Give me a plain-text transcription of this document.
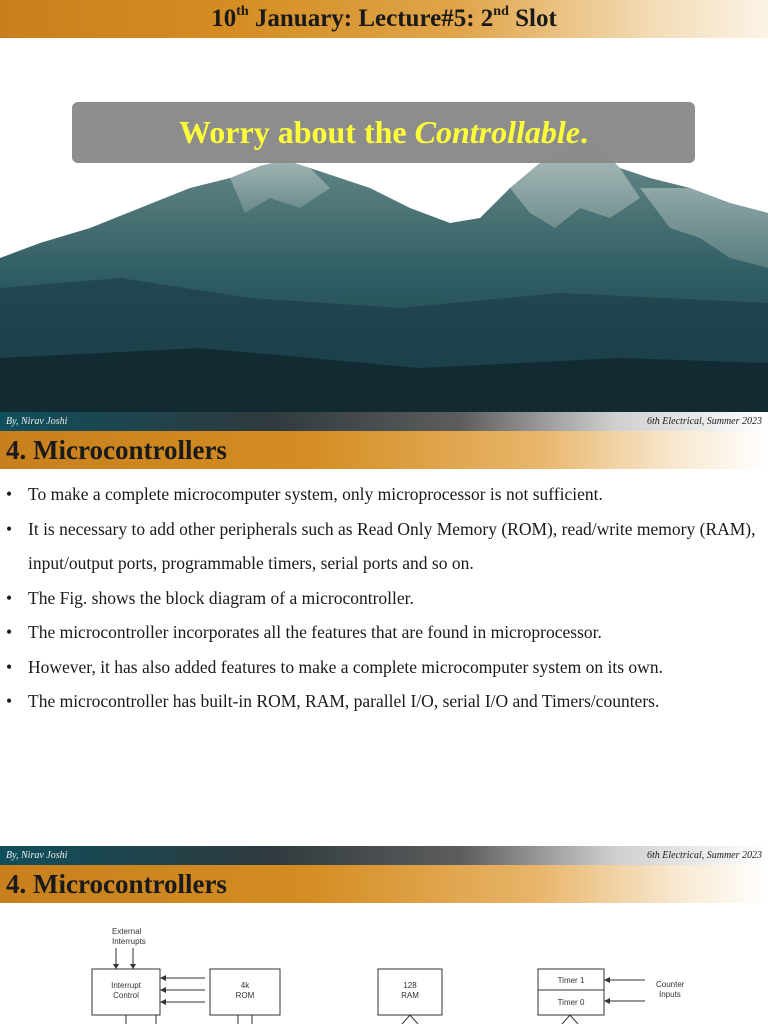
10th January: Lecture#5: 2nd Slot
Worry about the Controllable.
By, Nirav Joshi	6th Electrical, Summer 2023
4. Microcontrollers
• To make a complete microcomputer system, only microprocessor is not sufficient.
• It is necessary to add other peripherals such as Read Only Memory (ROM), read/write memory (RAM), input/output ports, programmable timers, serial ports and so on.
• The Fig. shows the block diagram of a microcontroller.
• The microcontroller incorporates all the features that are found in microprocessor.
• However, it has also added features to make a complete microcomputer system on its own.
• The microcontroller has built-in ROM, RAM, parallel I/O, serial I/O and Timers/counters.
By, Nirav Joshi	6th Electrical, Summer 2023
4. Microcontrollers
External
Interrupts
Interrupt
Control
4k
ROM
128
RAM
Timer 1
Timer 0
Counter
Inputs
